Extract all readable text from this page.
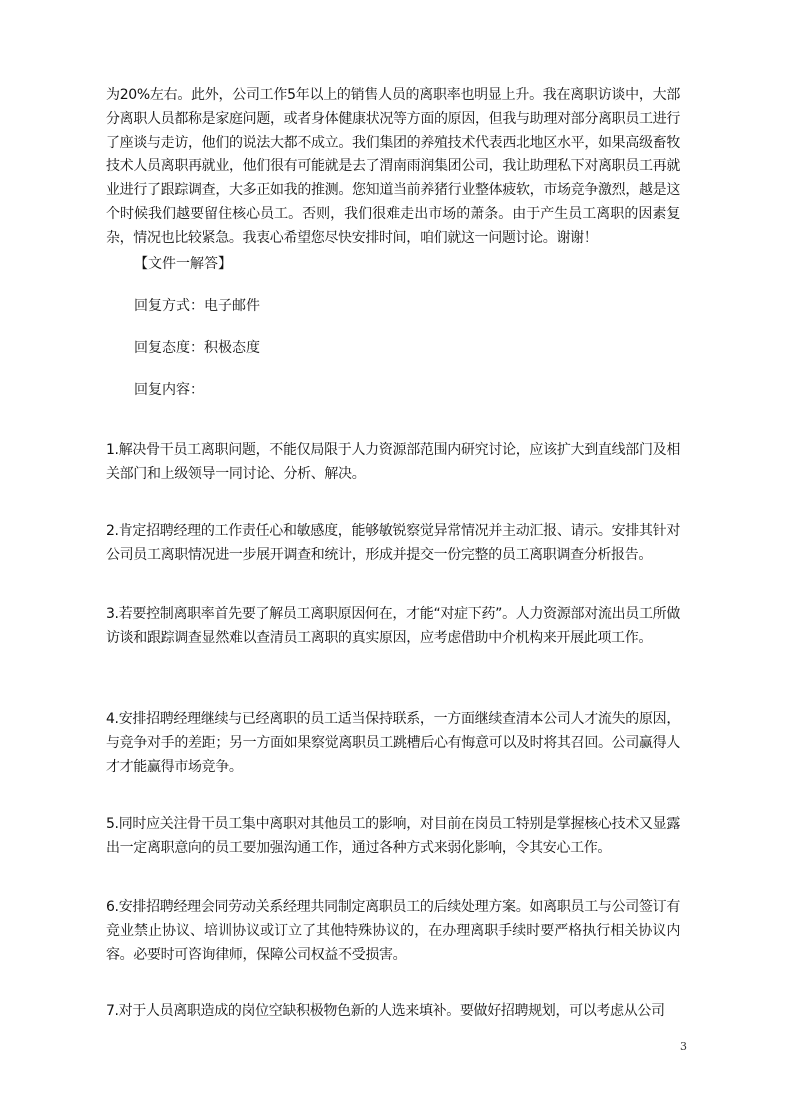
为20%左右。此外，公司工作5年以上的销售人员的离职率也明显上升。我在离职访谈中，大部分离职人员都称是家庭问题，或者身体健康状况等方面的原因，但我与助理对部分离职员工进行了座谈与走访，他们的说法大都不成立。我们集团的养殖技术代表西北地区水平，如果高级畜牧技术人员离职再就业，他们很有可能就是去了渭南雨润集团公司，我让助理私下对离职员工再就业进行了跟踪调查，大多正如我的推测。您知道当前养猪行业整体疲软，市场竞争激烈，越是这个时候我们越要留住核心员工。否则，我们很难走出市场的萧条。由于产生员工离职的因素复杂，情况也比较紧急。我衷心希望您尽快安排时间，咱们就这一问题讨论。谢谢！

【文件一解答】

回复方式：电子邮件

回复态度：积极态度

回复内容：

1.解决骨干员工离职问题，不能仅局限于人力资源部范围内研究讨论，应该扩大到直线部门及相关部门和上级领导一同讨论、分析、解决。

2.肯定招聘经理的工作责任心和敏感度，能够敏锐察觉异常情况并主动汇报、请示。安排其针对公司员工离职情况进一步展开调查和统计，形成并提交一份完整的员工离职调查分析报告。

3.若要控制离职率首先要了解员工离职原因何在，才能“对症下药”。人力资源部对流出员工所做访谈和跟踪调查显然难以查清员工离职的真实原因，应考虑借助中介机构来开展此项工作。

4.安排招聘经理继续与已经离职的员工适当保持联系，一方面继续查清本公司人才流失的原因，与竞争对手的差距；另一方面如果察觉离职员工跳槽后心有悔意可以及时将其召回。公司赢得人才才能赢得市场竞争。

5.同时应关注骨干员工集中离职对其他员工的影响，对目前在岗员工特别是掌握核心技术又显露出一定离职意向的员工要加强沟通工作，通过各种方式来弱化影响，令其安心工作。

6.安排招聘经理会同劳动关系经理共同制定离职员工的后续处理方案。如离职员工与公司签订有竞业禁止协议、培训协议或订立了其他特殊协议的，在办理离职手续时要严格执行相关协议内容。必要时可咨询律师，保障公司权益不受损害。

7.对于人员离职造成的岗位空缺积极物色新的人选来填补。要做好招聘规划，可以考虑从公司

3
